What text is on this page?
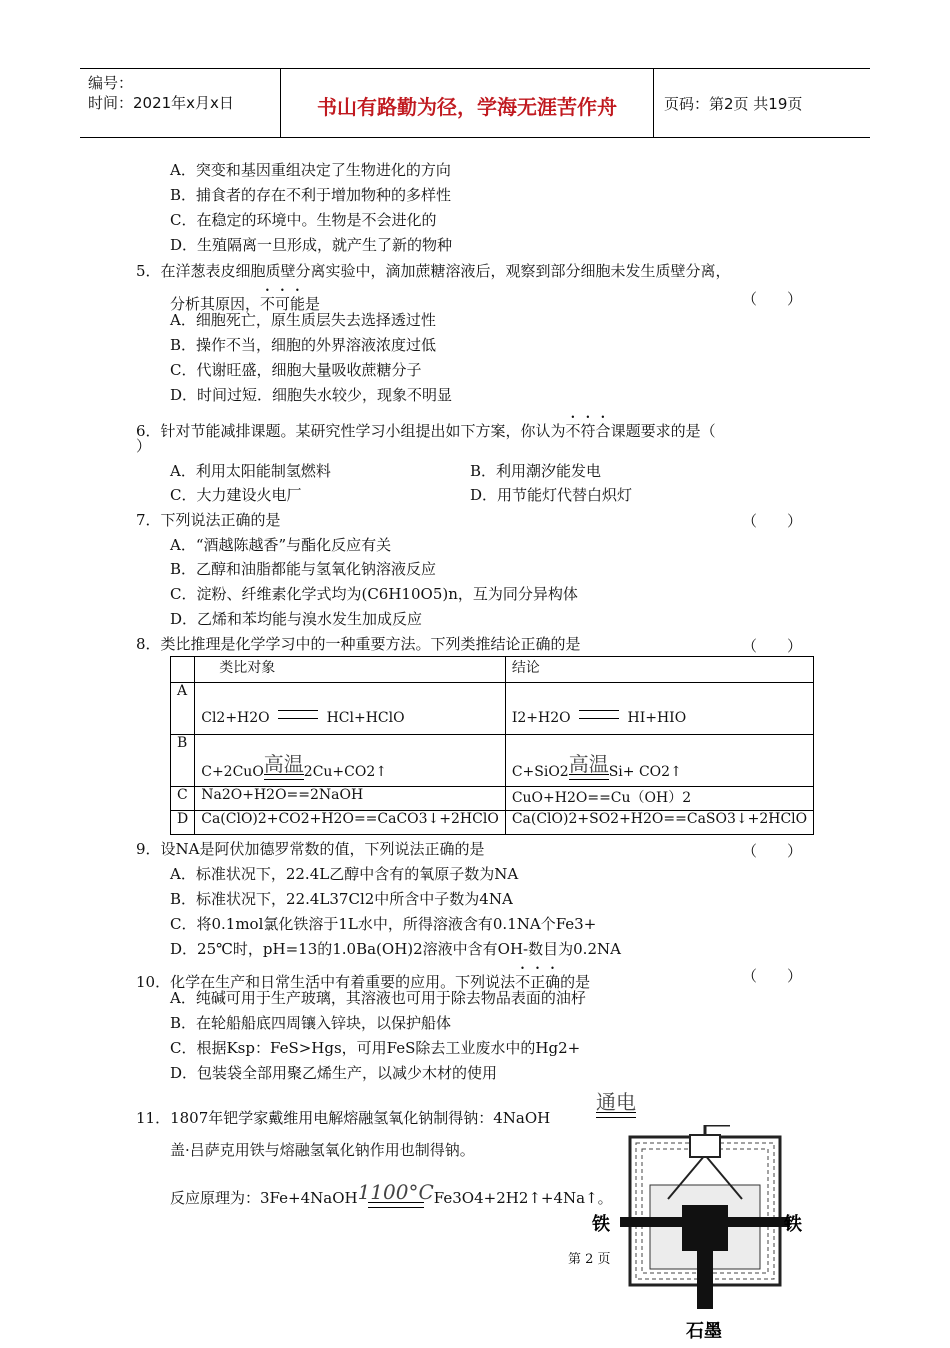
编号：
时间：2021年x月x日	书山有路勤为径，学海无涯苦作舟	页码：第2页 共19页
A．突变和基因重组决定了生物进化的方向
B．捕食者的存在不利于增加物种的多样性
C．在稳定的环境中。生物是不会进化的
D．生殖隔离一旦形成，就产生了新的物种
5．在洋葱表皮细胞质壁分离实验中，滴加蔗糖溶液后，观察到部分细胞未发生质壁分离，
分析其原因，不可能是	（　　）
A．细胞死亡，原生质层失去选择透过性
B．操作不当，细胞的外界溶液浓度过低
C．代谢旺盛，细胞大量吸收蔗糖分子
D．时间过短．细胞失水较少，现象不明显
6．针对节能减排课题。某研究性学习小组提出如下方案，你认为不符合课题要求的是（
）
A．利用太阳能制氢燃料	B．利用潮汐能发电
C．大力建设火电厂	D．用节能灯代替白炽灯
7．下列说法正确的是	（　　）
A．“酒越陈越香”与酯化反应有关
B．乙醇和油脂都能与氢氧化钠溶液反应
C．淀粉、纤维素化学式均为(C6H10O5)n，互为同分异构体
D．乙烯和苯均能与溴水发生加成反应
8．类比推理是化学学习中的一种重要方法。下列类推结论正确的是	（　　）
	类比对象	结论
A	Cl2+H2O HCl+HClO	I2+H2O HI+HIO
B	C+2CuO 高温 2Cu+CO2↑	C+SiO2 高温 Si+ CO2↑
C	Na2O+H2O==2NaOH	CuO+H2O==Cu（OH）2
D	Ca(ClO)2+CO2+H2O==CaCO3↓+2HClO	Ca(ClO)2+SO2+H2O==CaSO3↓+2HClO
9．设NA是阿伏加德罗常数的值，下列说法正确的是	（　　）
A．标准状况下，22.4L乙醇中含有的氧原子数为NA
B．标准状况下，22.4L37Cl2中所含中子数为4NA
C．将0.1mol氯化铁溶于1L水中，所得溶液含有0.1NA个Fe3+
D．25℃时，pH=13的1.0Ba(OH)2溶液中含有OH-数目为0.2NA
10．化学在生产和日常生活中有着重要的应用。下列说法不正确的是	（　　）
A．纯碱可用于生产玻璃，其溶液也可用于除去物品表面的油杍
B．在轮船船底四周镶入锌块，以保护船体
C．根据Ksp：FeS>Hgs，可用FeS除去工业废水中的Hg2+
D．包装袋全部用聚乙烯生产，以减少木材的使用
11．1807年钯学家戴维用电解熔融氢氧化钠制得钠：4NaOH
通电
盖·吕萨克用铁与熔融氢氧化钠作用也制得钠。
反应原理为：3Fe+4NaOH 1100°C Fe3O4+2H2↑+4Na↑。
第 2 页
铁	铁
石墨
